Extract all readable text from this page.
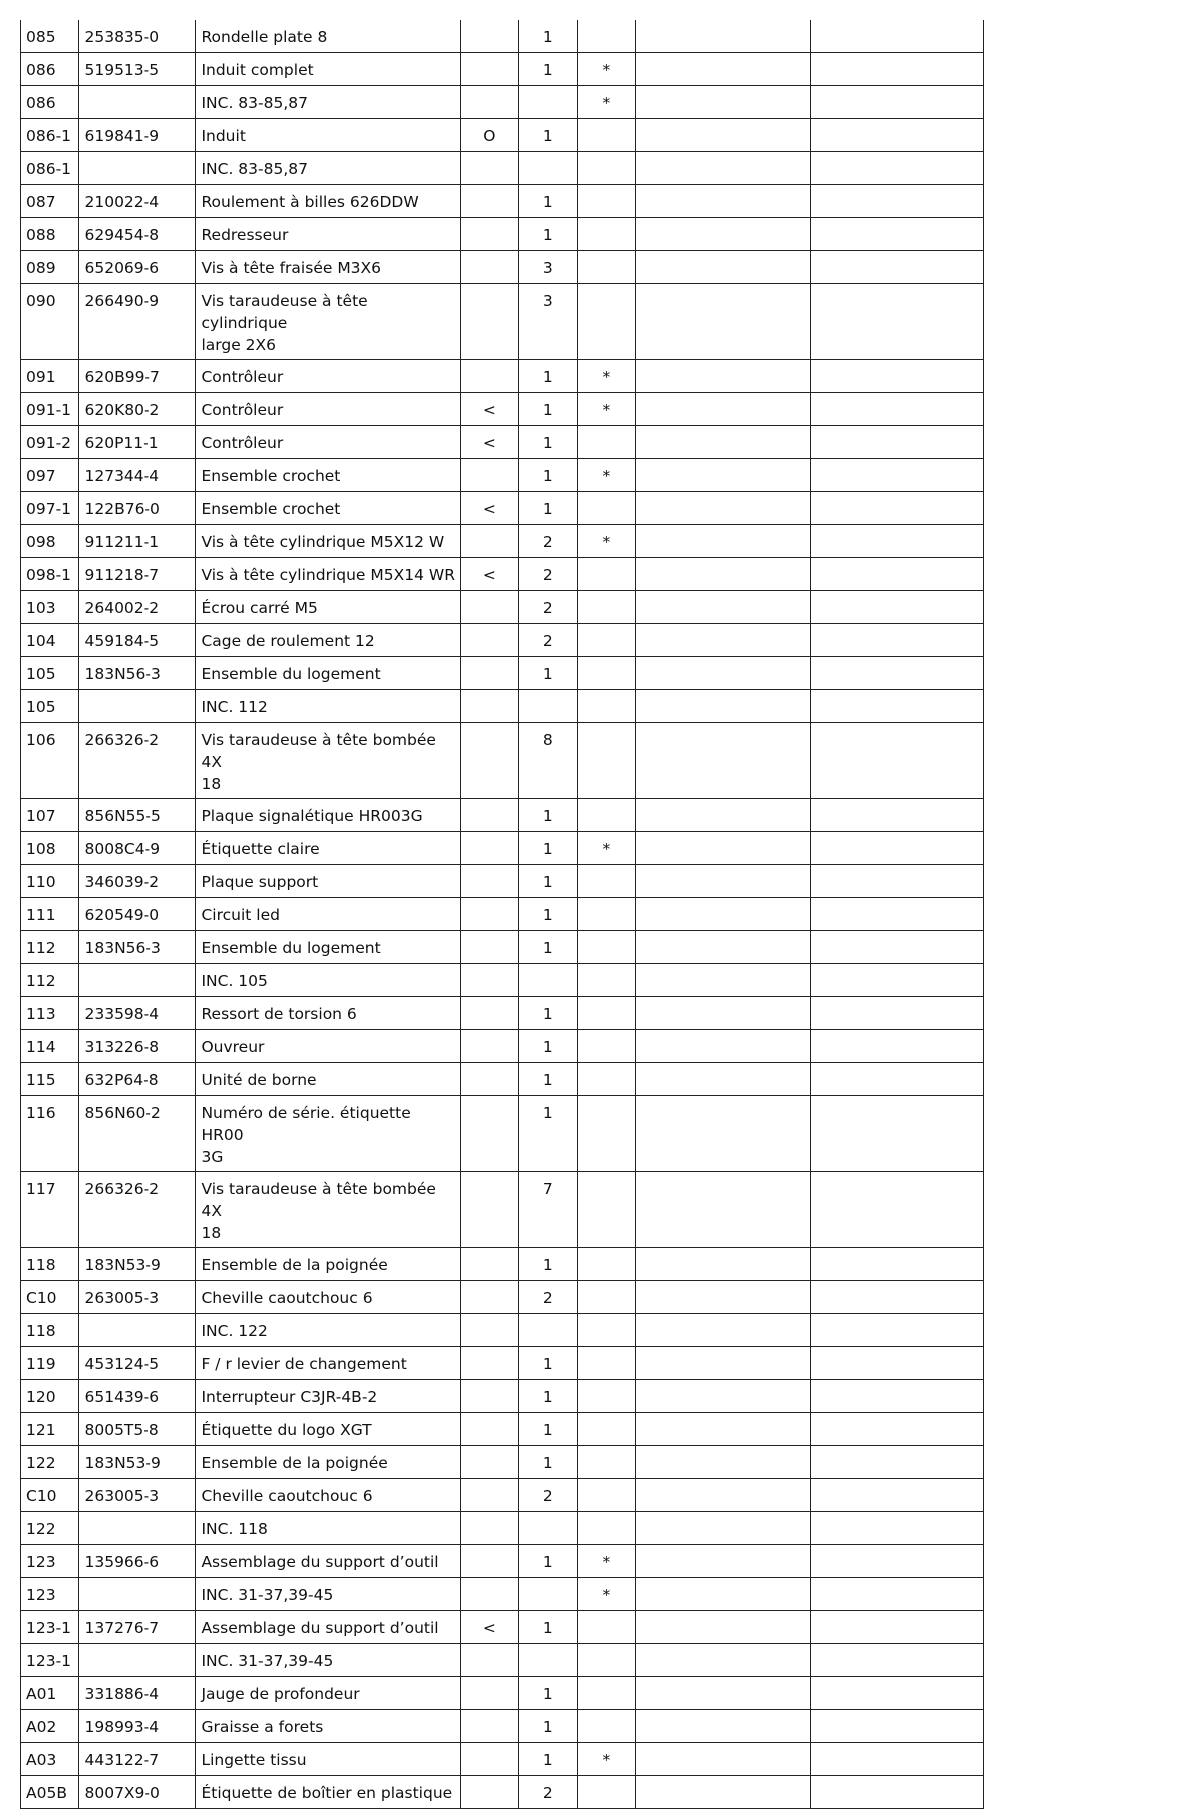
085	253835-0	Rondelle plate 8		1			
086	519513-5	Induit complet		1	*		
086		INC. 83-85,87			*		
086-1	619841-9	Induit	O	1			
086-1		INC. 83-85,87					
087	210022-4	Roulement à billes 626DDW		1			
088	629454-8	Redresseur		1			
089	652069-6	Vis à tête fraisée M3X6		3			
090	266490-9	Vis taraudeuse à tête cylindrique
large 2X6		3			
091	620B99-7	Contrôleur		1	*		
091-1	620K80-2	Contrôleur	<	1	*		
091-2	620P11-1	Contrôleur	<	1			
097	127344-4	Ensemble crochet		1	*		
097-1	122B76-0	Ensemble crochet	<	1			
098	911211-1	Vis à tête cylindrique M5X12 W		2	*		
098-1	911218-7	Vis à tête cylindrique M5X14 WR	<	2			
103	264002-2	Écrou carré M5		2			
104	459184-5	Cage de roulement 12		2			
105	183N56-3	Ensemble du logement		1			
105		INC. 112					
106	266326-2	Vis taraudeuse à tête bombée 4X
18		8			
107	856N55-5	Plaque signalétique HR003G		1			
108	8008C4-9	Étiquette claire		1	*		
110	346039-2	Plaque support		1			
111	620549-0	Circuit led		1			
112	183N56-3	Ensemble du logement		1			
112		INC. 105					
113	233598-4	Ressort de torsion 6		1			
114	313226-8	Ouvreur		1			
115	632P64-8	Unité de borne		1			
116	856N60-2	Numéro de série. étiquette HR00
3G		1			
117	266326-2	Vis taraudeuse à tête bombée 4X
18		7			
118	183N53-9	Ensemble de la poignée		1			
C10	263005-3	Cheville caoutchouc 6		2			
118		INC. 122					
119	453124-5	F / r levier de changement		1			
120	651439-6	Interrupteur C3JR-4B-2		1			
121	8005T5-8	Étiquette du logo XGT		1			
122	183N53-9	Ensemble de la poignée		1			
C10	263005-3	Cheville caoutchouc 6		2			
122		INC. 118					
123	135966-6	Assemblage du support d’outil		1	*		
123		INC. 31-37,39-45			*		
123-1	137276-7	Assemblage du support d’outil	<	1			
123-1		INC. 31-37,39-45					
A01	331886-4	Jauge de profondeur		1			
A02	198993-4	Graisse a forets		1			
A03	443122-7	Lingette tissu		1	*		
A05B	8007X9-0	Étiquette de boîtier en plastique		2			
